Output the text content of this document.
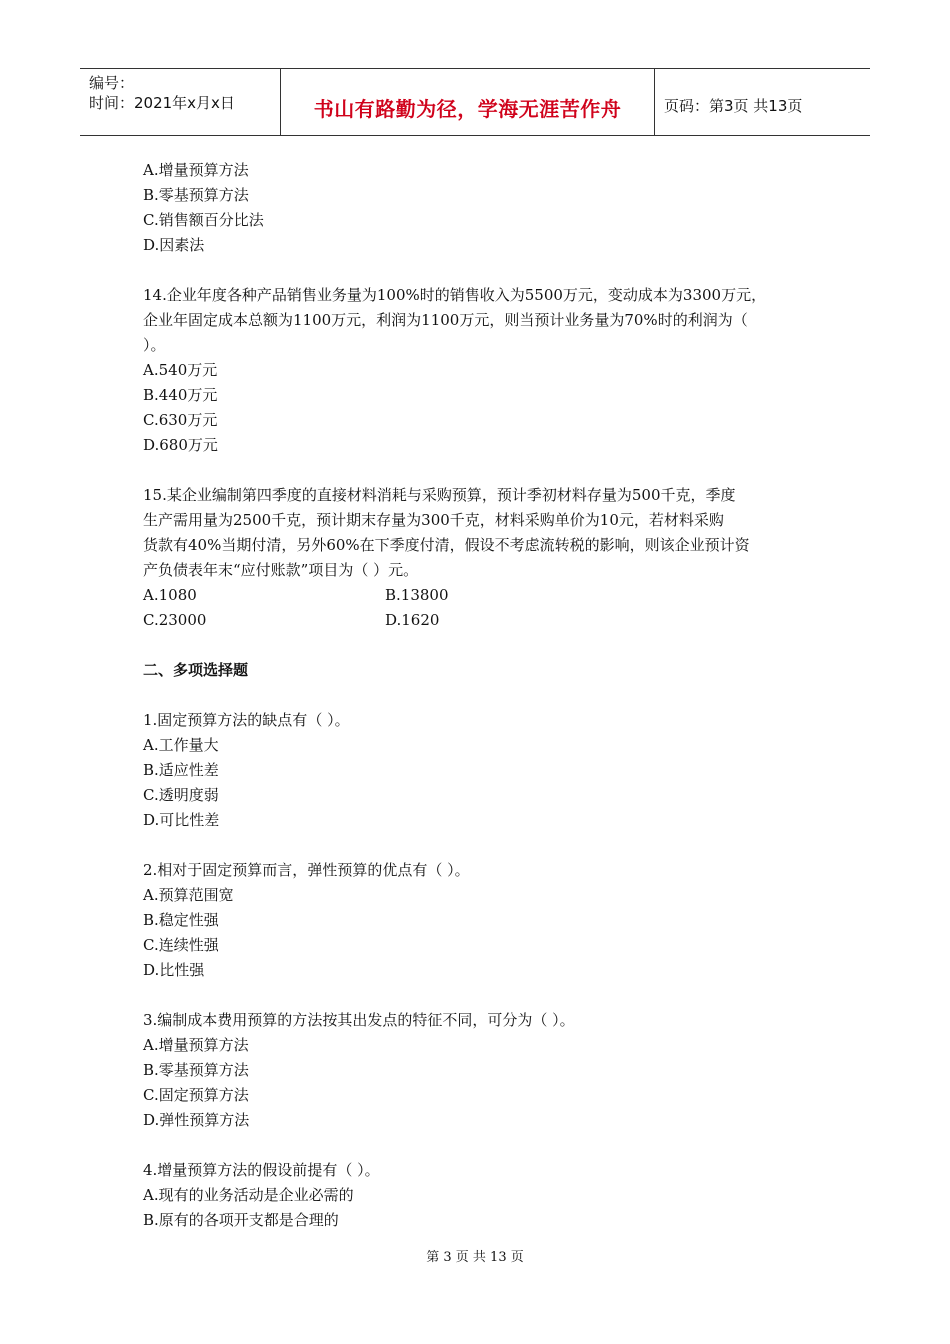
编号：
时间：2021年x月x日	书山有路勤为径，学海无涯苦作舟	页码：第3页 共13页
A.增量预算方法
B.零基预算方法
C.销售额百分比法
D.因素法
14.企业年度各种产品销售业务量为100%时的销售收入为5500万元，变动成本为3300万元，
企业年固定成本总额为1100万元，利润为1100万元，则当预计业务量为70%时的利润为（
）。
A.540万元
B.440万元
C.630万元
D.680万元
15.某企业编制第四季度的直接材料消耗与采购预算，预计季初材料存量为500千克，季度
生产需用量为2500千克，预计期末存量为300千克，材料采购单价为10元，若材料采购
货款有40%当期付清，另外60%在下季度付清，假设不考虑流转税的影响，则该企业预计资
产负债表年末“应付账款”项目为（ ）元。
A.1080	B.13800
C.23000	D.1620
二、多项选择题
1.固定预算方法的缺点有（ ）。
A.工作量大
B.适应性差
C.透明度弱
D.可比性差
2.相对于固定预算而言，弹性预算的优点有（ ）。
A.预算范围宽
B.稳定性强
C.连续性强
D.比性强
3.编制成本费用预算的方法按其出发点的特征不同，可分为（ ）。
A.增量预算方法
B.零基预算方法
C.固定预算方法
D.弹性预算方法
4.增量预算方法的假设前提有（ ）。
A.现有的业务活动是企业必需的
B.原有的各项开支都是合理的
第 3 页 共 13 页
